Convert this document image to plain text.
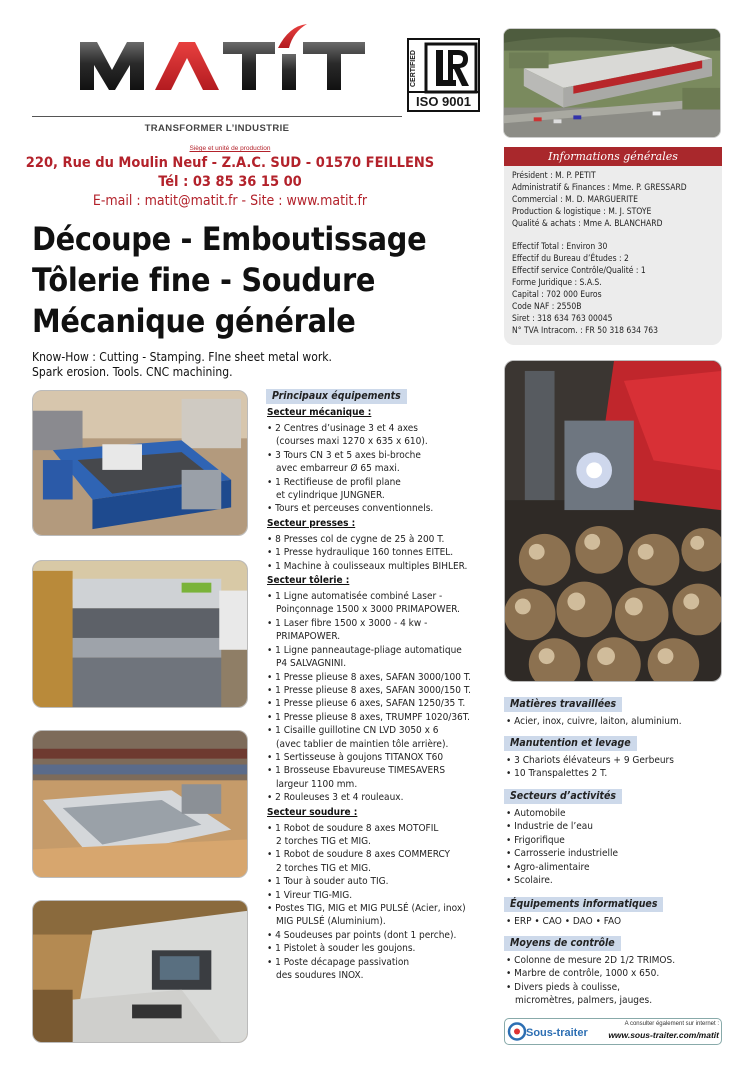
TRANSFORMER L’INDUSTRIE
CERTIFIED
ISO 9001
Siège et unité de production
220, Rue du Moulin Neuf - Z.A.C. SUD - 01570 FEILLENS
Tél : 03 85 36 15 00
E-mail : matit@matit.fr - Site : www.matit.fr
Découpe - Emboutissage
Tôlerie fine - Soudure
Mécanique générale
Know-How : Cutting - Stamping. FIne sheet metal work.
Spark erosion. Tools. CNC machining.
Informations générales
Président : M. P. PETIT
Administratif & Finances : Mme. P. GRESSARD
Commercial : M. D. MARGUERITE
Production & logistique : M. J. STOYE
Qualité & achats : Mme A. BLANCHARD
Effectif Total : Environ 30
Effectif du Bureau d’Études : 2
Effectif service Contrôle/Qualité : 1
Forme Juridique : S.A.S.
Capital : 702 000 Euros
Code NAF : 2550B
Siret : 318 634 763 00045
N° TVA Intracom. : FR 50 318 634 763
Principaux équipements
Secteur mécanique :
• 2 Centres d’usinage 3 et 4 axes
(courses maxi 1270 x 635 x 610).
• 3 Tours CN 3 et 5 axes bi-broche
avec embarreur Ø 65 maxi.
• 1 Rectifieuse de profil plane
et cylindrique JUNGNER.
• Tours et perceuses conventionnels.
Secteur presses :
• 8 Presses col de cygne de 25 à 200 T.
• 1 Presse hydraulique 160 tonnes EITEL.
• 1 Machine à coulisseaux multiples BIHLER.
Secteur tôlerie :
• 1 Ligne automatisée combiné Laser -
Poinçonnage 1500 x 3000 PRIMAPOWER.
• 1 Laser fibre 1500 x 3000 - 4 kw -
PRIMAPOWER.
• 1 Ligne panneautage-pliage automatique
P4 SALVAGNINI.
• 1 Presse plieuse 8 axes, SAFAN 3000/100 T.
• 1 Presse plieuse 8 axes, SAFAN 3000/150 T.
• 1 Presse plieuse 6 axes, SAFAN 1250/35 T.
• 1 Presse plieuse 8 axes, TRUMPF 1020/36T.
• 1 Cisaille guillotine CN LVD 3050 x 6
(avec tablier de maintien tôle arrière).
• 1 Sertisseuse à goujons TITANOX T60
• 1 Brosseuse Ebavureuse TIMESAVERS
largeur 1100 mm.
• 2 Rouleuses 3 et 4 rouleaux.
Secteur soudure :
• 1 Robot de soudure 8 axes MOTOFIL
2 torches TIG et MIG.
• 1 Robot de soudure 8 axes COMMERCY
2 torches TIG et MIG.
• 1 Tour à souder auto TIG.
• 1 Vireur TIG-MIG.
• Postes TIG, MIG et MIG PULSÉ (Acier, inox)
MIG PULSÉ (Aluminium).
• 4 Soudeuses par points (dont 1 perche).
• 1 Pistolet à souder les goujons.
• 1 Poste décapage passivation
des soudures INOX.
Matières travaillées
• Acier, inox, cuivre, laiton, aluminium.
Manutention et levage
• 3 Chariots élévateurs + 9 Gerbeurs
• 10 Transpalettes 2 T.
Secteurs d’activités
• Automobile
• Industrie de l’eau
• Frigorifique
• Carrosserie industrielle
• Agro-alimentaire
• Scolaire.
Équipements informatiques
• ERP • CAO • DAO • FAO
Moyens de contrôle
• Colonne de mesure 2D 1/2 TRIMOS.
• Marbre de contrôle, 1000 x 650.
• Divers pieds à coulisse,
micromètres, palmers, jauges.
Sous-traiter
A consulter également sur internet :
www.sous-traiter.com/matit
